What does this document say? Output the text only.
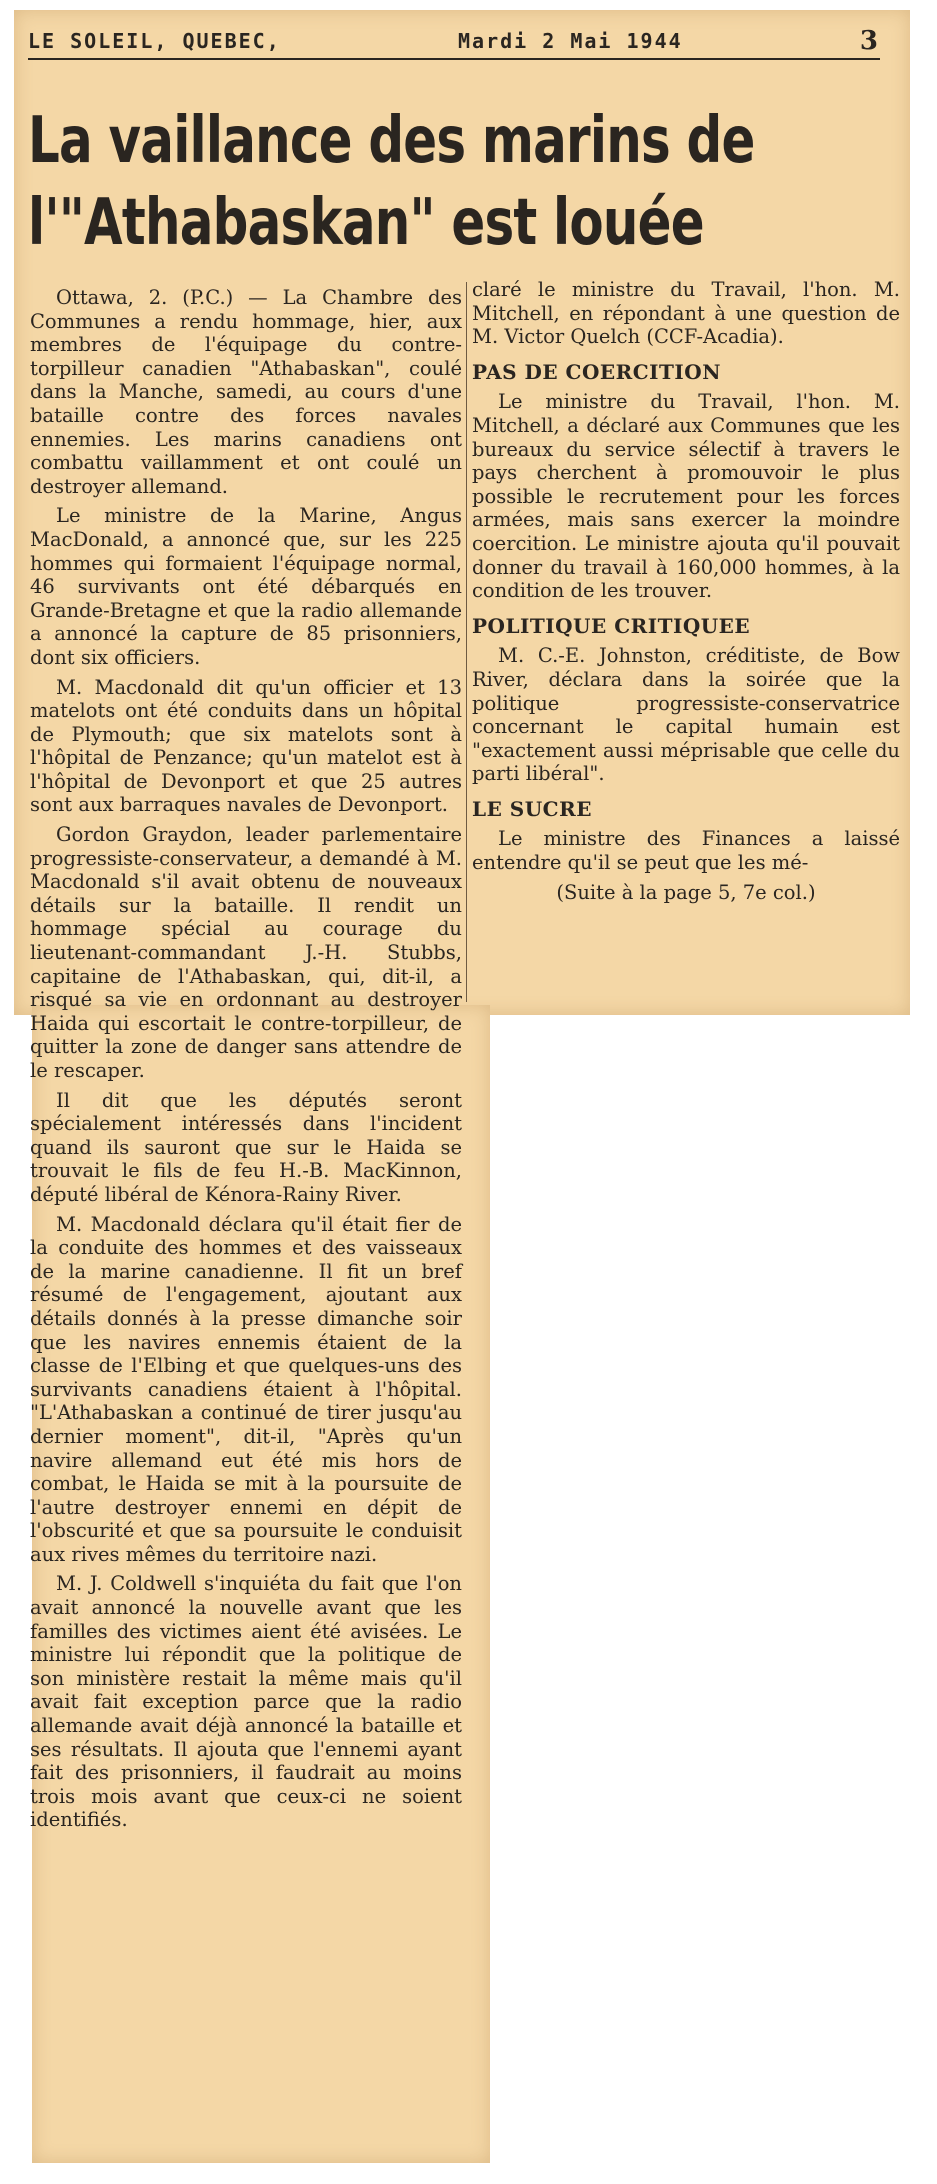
LE SOLEIL, QUEBEC,	Mardi 2 Mai 1944	3
La vaillance des marins de
l'"Athabaskan" est louée

Ottawa, 2. (P.C.) — La Chambre des Communes a rendu hommage, hier, aux membres de l'équipage du contre-torpilleur canadien "Athabaskan", coulé dans la Manche, samedi, au cours d'une bataille contre des forces navales ennemies. Les marins canadiens ont combattu vaillamment et ont coulé un destroyer allemand.

Le ministre de la Marine, Angus MacDonald, a annoncé que, sur les 225 hommes qui formaient l'équipage normal, 46 survivants ont été débarqués en Grande-Bretagne et que la radio allemande a annoncé la capture de 85 prisonniers, dont six officiers.

M. Macdonald dit qu'un officier et 13 matelots ont été conduits dans un hôpital de Plymouth; que six matelots sont à l'hôpital de Penzance; qu'un matelot est à l'hôpital de Devonport et que 25 autres sont aux barraques navales de Devonport.

Gordon Graydon, leader parlementaire progressiste-conservateur, a demandé à M. Macdonald s'il avait obtenu de nouveaux détails sur la bataille. Il rendit un hommage spécial au courage du lieutenant-commandant J.-H. Stubbs, capitaine de l'Athabaskan, qui, dit-il, a risqué sa vie en ordonnant au destroyer Haida qui escortait le contre-torpilleur, de quitter la zone de danger sans attendre de le rescaper.

Il dit que les députés seront spécialement intéressés dans l'incident quand ils sauront que sur le Haida se trouvait le fils de feu H.-B. MacKinnon, député libéral de Kénora-Rainy River.

M. Macdonald déclara qu'il était fier de la conduite des hommes et des vaisseaux de la marine canadienne. Il fit un bref résumé de l'engagement, ajoutant aux détails donnés à la presse dimanche soir que les navires ennemis étaient de la classe de l'Elbing et que quelques-uns des survivants canadiens étaient à l'hôpital. "L'Athabaskan a continué de tirer jusqu'au dernier moment", dit-il, "Après qu'un navire allemand eut été mis hors de combat, le Haida se mit à la poursuite de l'autre destroyer ennemi en dépit de l'obscurité et que sa poursuite le conduisit aux rives mêmes du territoire nazi.

M. J. Coldwell s'inquiéta du fait que l'on avait annoncé la nouvelle avant que les familles des victimes aient été avisées. Le ministre lui répondit que la politique de son ministère restait la même mais qu'il avait fait exception parce que la radio allemande avait déjà annoncé la bataille et ses résultats. Il ajouta que l'ennemi ayant fait des prisonniers, il faudrait au moins trois mois avant que ceux-ci ne soient identifiés.

claré le ministre du Travail, l'hon. M. Mitchell, en répondant à une question de M. Victor Quelch (CCF-Acadia).

PAS DE COERCITION

Le ministre du Travail, l'hon. M. Mitchell, a déclaré aux Communes que les bureaux du service sélectif à travers le pays cherchent à promouvoir le plus possible le recrutement pour les forces armées, mais sans exercer la moindre coercition. Le ministre ajouta qu'il pouvait donner du travail à 160,000 hommes, à la condition de les trouver.

POLITIQUE CRITIQUEE

M. C.-E. Johnston, créditiste, de Bow River, déclara dans la soirée que la politique progressiste-conservatrice concernant le capital humain est "exactement aussi méprisable que celle du parti libéral".

LE SUCRE

Le ministre des Finances a laissé entendre qu'il se peut que les mé-

(Suite à la page 5, 7e col.)
